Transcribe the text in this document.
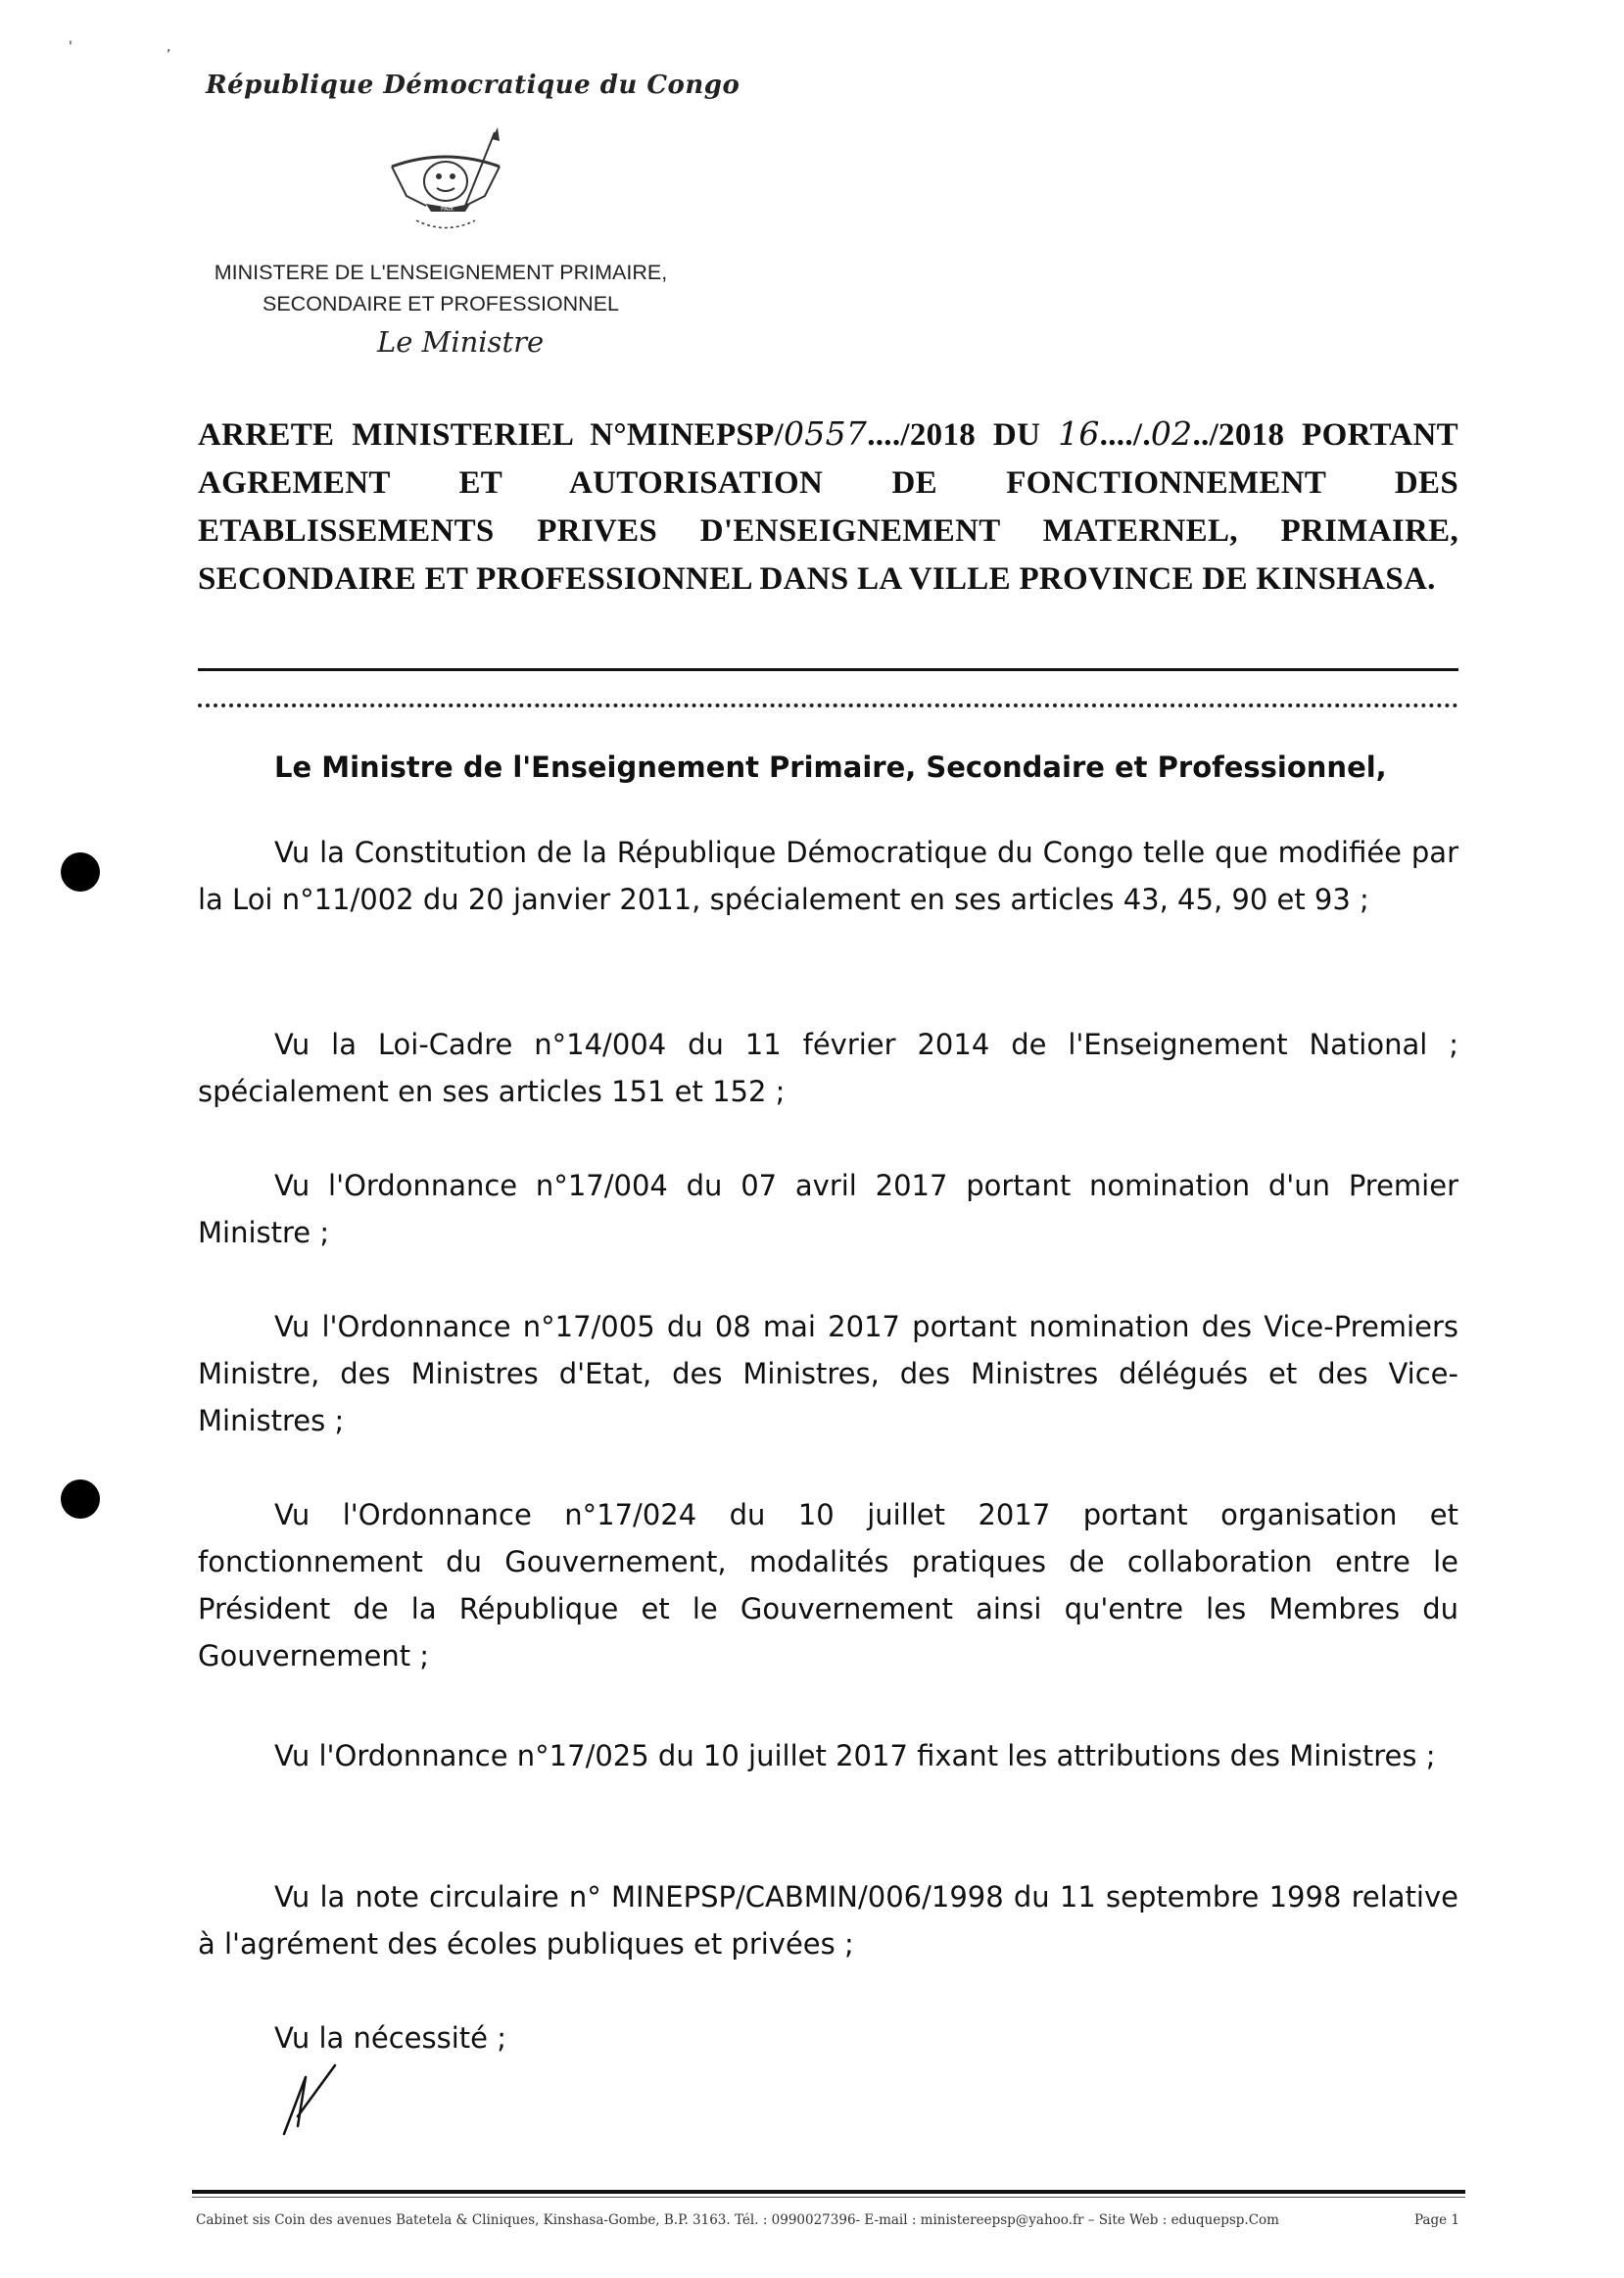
'	,
République Démocratique du Congo
PAIX
MINISTERE DE L'ENSEIGNEMENT PRIMAIRE,
SECONDAIRE ET PROFESSIONNEL
Le Ministre
ARRETE MINISTERIEL N°MINEPSP/0557..../2018 DU 16..../.02../2018 PORTANT AGREMENT ET AUTORISATION DE FONCTIONNEMENT DES ETABLISSEMENTS PRIVES D'ENSEIGNEMENT MATERNEL, PRIMAIRE, SECONDAIRE ET PROFESSIONNEL DANS LA VILLE PROVINCE DE KINSHASA.
Le Ministre de l'Enseignement Primaire, Secondaire et Professionnel,

Vu la Constitution de la République Démocratique du Congo telle que modifiée par la Loi n°11/002 du 20 janvier 2011, spécialement en ses articles 43, 45, 90 et 93 ;

Vu la Loi-Cadre n°14/004 du 11 février 2014 de l'Enseignement National ; spécialement en ses articles 151 et 152 ;

Vu l'Ordonnance n°17/004 du 07 avril 2017 portant nomination d'un Premier Ministre ;

Vu l'Ordonnance n°17/005 du 08 mai 2017 portant nomination des Vice-Premiers Ministre, des Ministres d'Etat, des Ministres, des Ministres délégués et des Vice-Ministres ;

Vu l'Ordonnance n°17/024 du 10 juillet 2017 portant organisation et fonctionnement du Gouvernement, modalités pratiques de collaboration entre le Président de la République et le Gouvernement ainsi qu'entre les Membres du Gouvernement ;

Vu l'Ordonnance n°17/025 du 10 juillet 2017 fixant les attributions des Ministres ;

Vu la note circulaire n° MINEPSP/CABMIN/006/1998 du 11 septembre 1998 relative à l'agrément des écoles publiques et privées ;

Vu la nécessité ;

Cabinet sis Coin des avenues Batetela & Cliniques, Kinshasa-Gombe, B.P. 3163. Tél. : 0990027396- E-mail : ministereepsp@yahoo.fr – Site Web : eduquepsp.Com	Page 1
